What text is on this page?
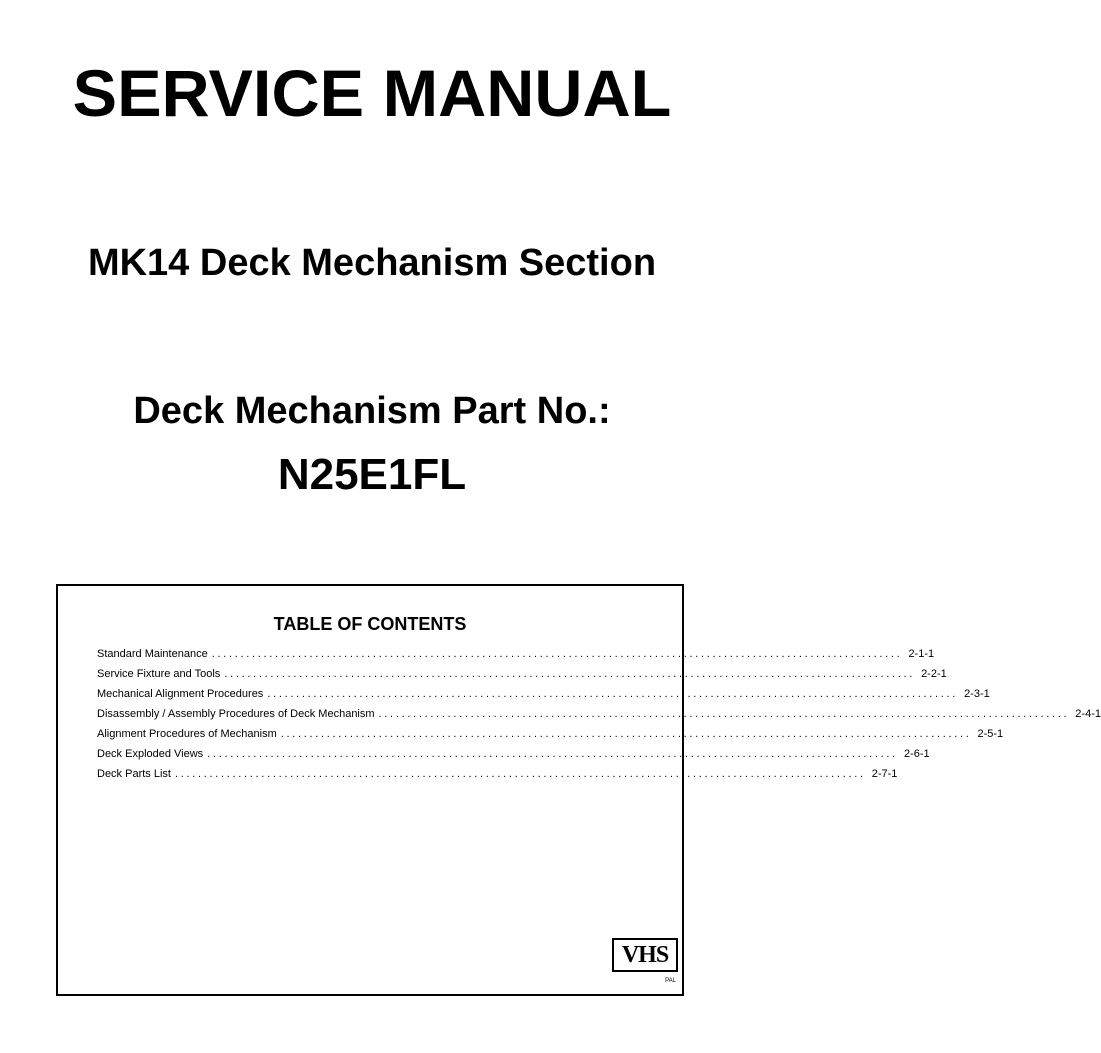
SERVICE MANUAL
MK14 Deck Mechanism Section
Deck Mechanism Part No.:
N25E1FL
TABLE OF CONTENTS
Standard Maintenance ........................................................................................................................ 2-1-1
Service Fixture and Tools ........................................................................................................................ 2-2-1
Mechanical Alignment Procedures ........................................................................................................................ 2-3-1
Disassembly / Assembly Procedures of Deck Mechanism ........................................................................................................................ 2-4-1
Alignment Procedures of Mechanism ........................................................................................................................ 2-5-1
Deck Exploded Views ........................................................................................................................ 2-6-1
Deck Parts List ........................................................................................................................ 2-7-1
VHS
PAL
